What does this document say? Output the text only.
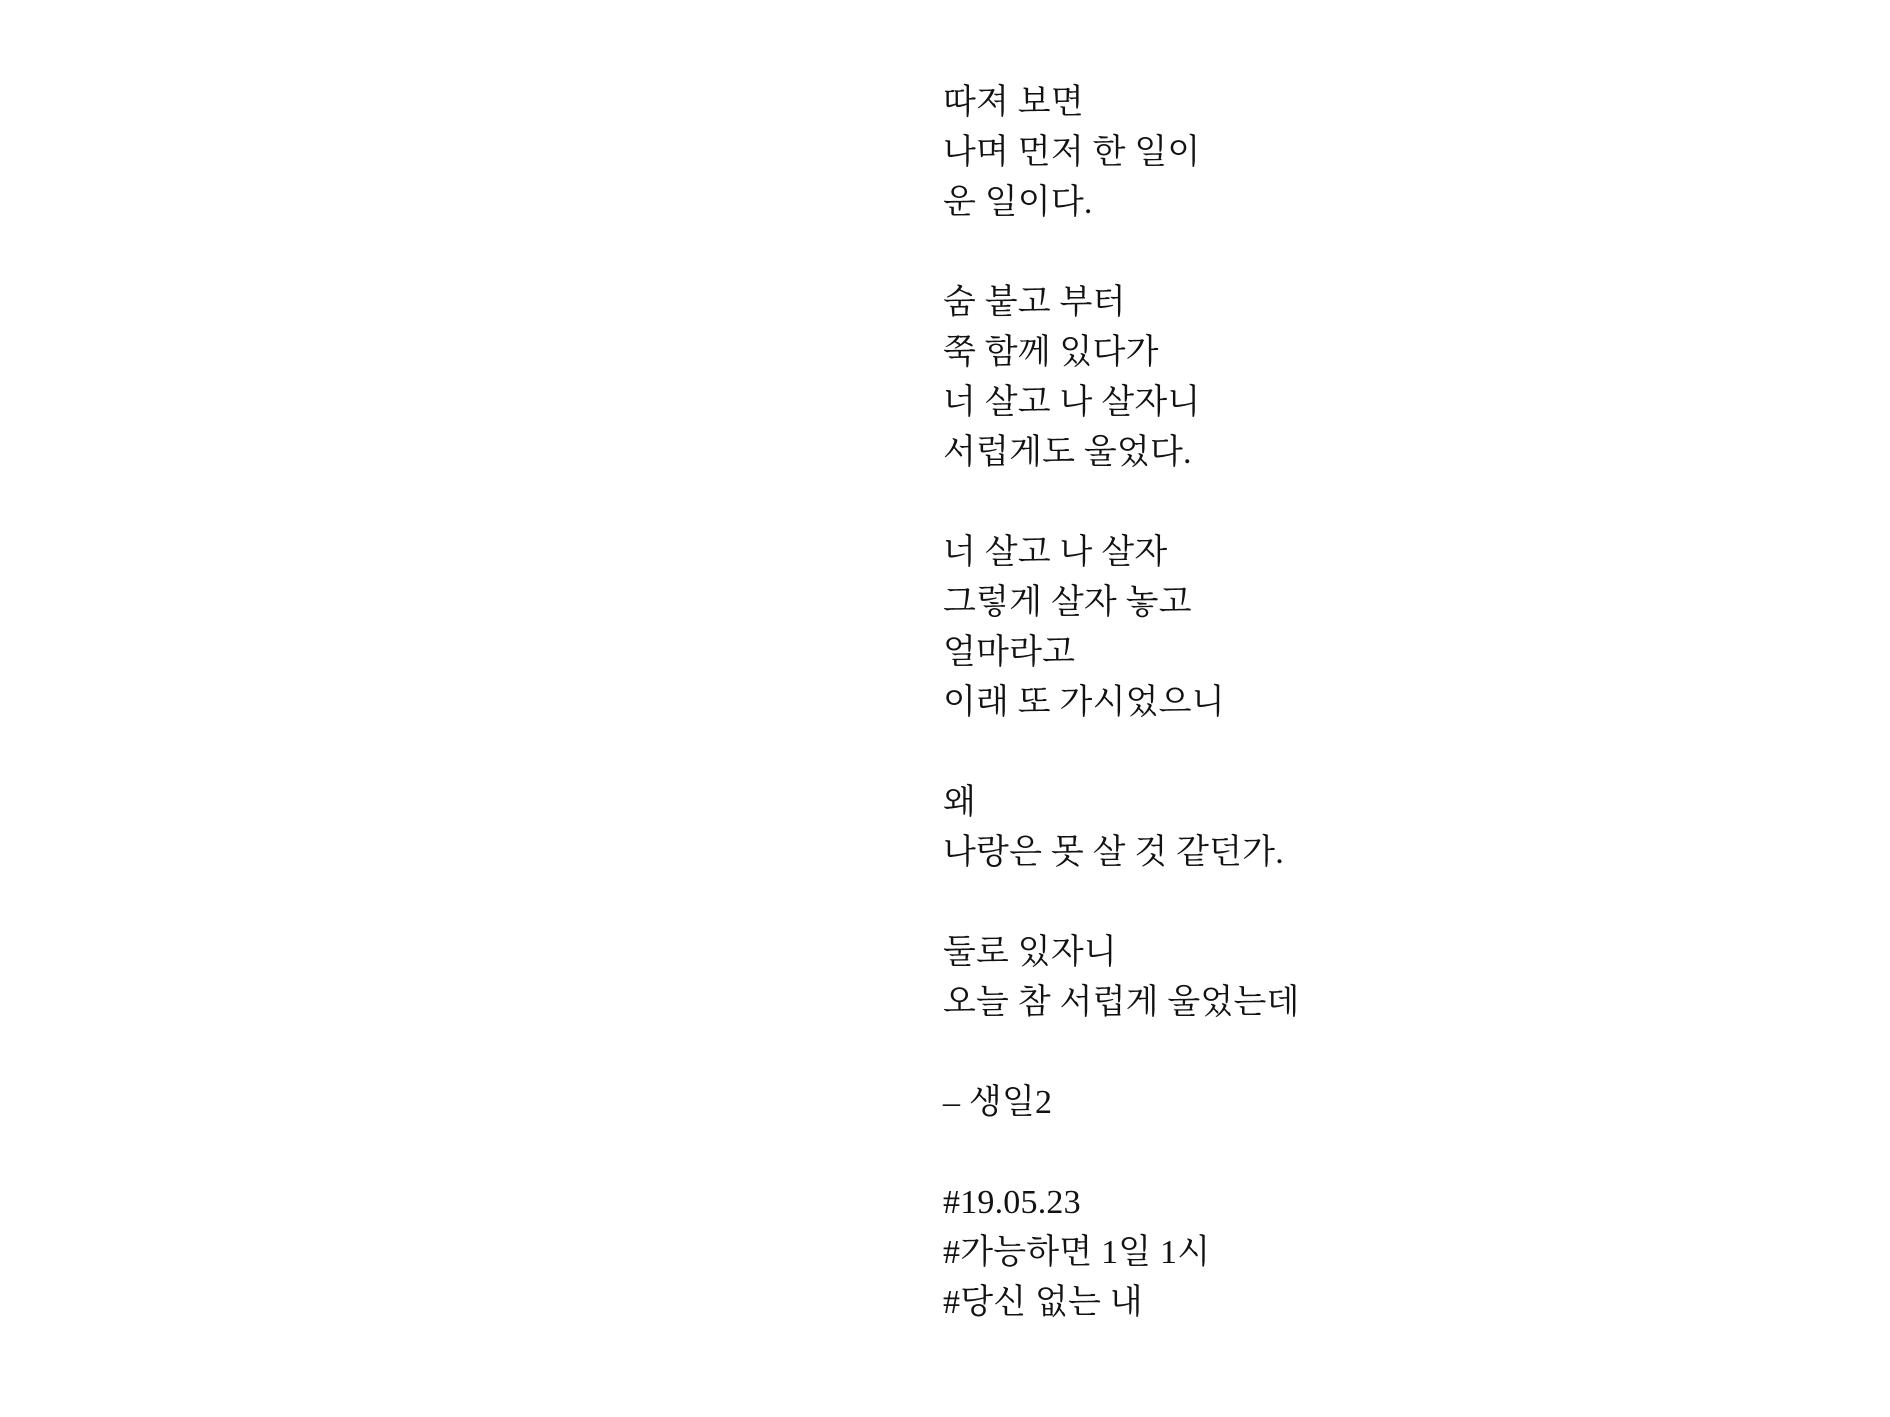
따져 보면

나며 먼저 한 일이

운 일이다.

숨 붙고 부터

쭉 함께 있다가

너 살고 나 살자니

서럽게도 울었다.

너 살고 나 살자

그렇게 살자 놓고

얼마라고

이래 또 가시었으니

왜

나랑은 못 살 것 같던가.

둘로 있자니

오늘 참 서럽게 울었는데

– 생일2

#19.05.23

#가능하면 1일 1시

#당신 없는 내
